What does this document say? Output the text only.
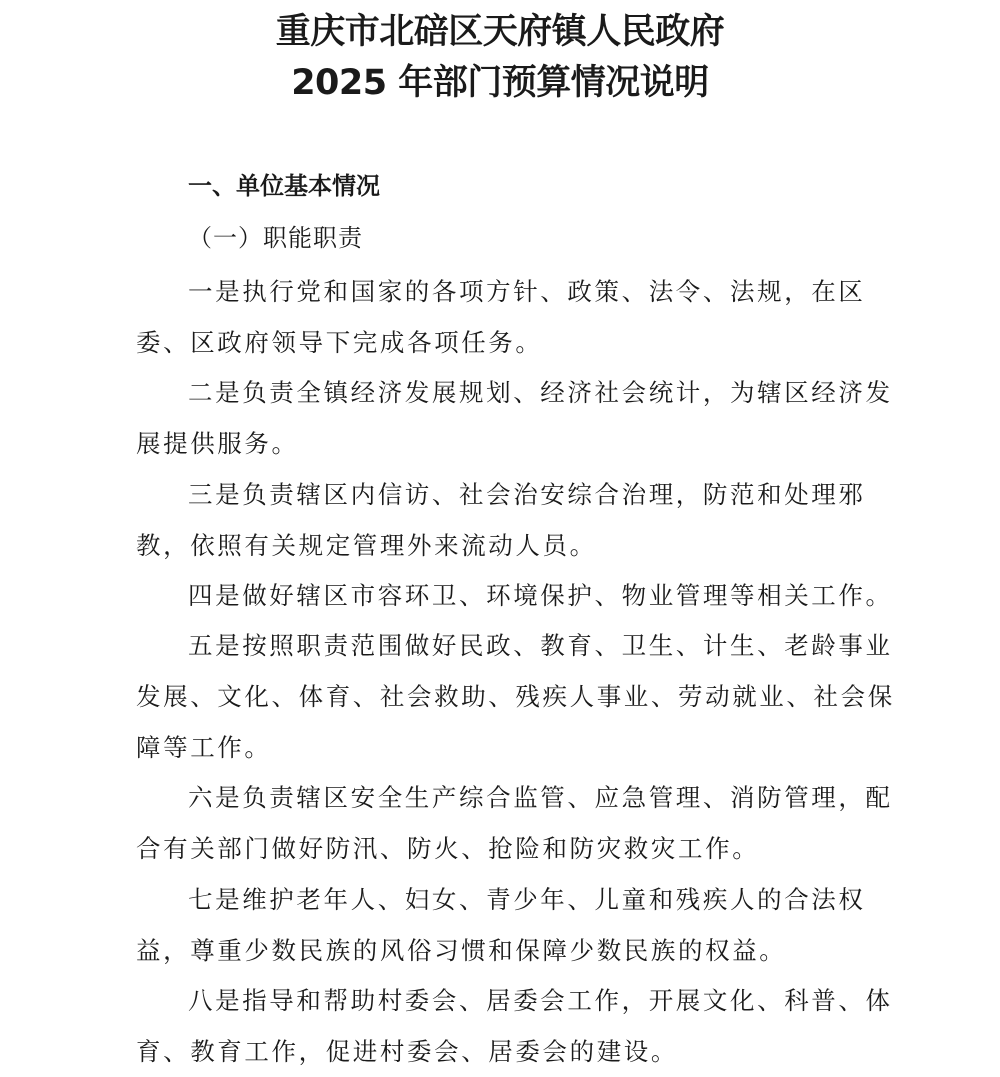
重庆市北碚区天府镇人民政府
2025 年部门预算情况说明
一、单位基本情况
（一）职能职责
一是执行党和国家的各项方针、政策、法令、法规，在区委、区政府领导下完成各项任务。
二是负责全镇经济发展规划、经济社会统计，为辖区经济发展提供服务。
三是负责辖区内信访、社会治安综合治理，防范和处理邪教，依照有关规定管理外来流动人员。
四是做好辖区市容环卫、环境保护、物业管理等相关工作。
五是按照职责范围做好民政、教育、卫生、计生、老龄事业发展、文化、体育、社会救助、残疾人事业、劳动就业、社会保障等工作。
六是负责辖区安全生产综合监管、应急管理、消防管理，配合有关部门做好防汛、防火、抢险和防灾救灾工作。
七是维护老年人、妇女、青少年、儿童和残疾人的合法权益，尊重少数民族的风俗习惯和保障少数民族的权益。
八是指导和帮助村委会、居委会工作，开展文化、科普、体育、教育工作，促进村委会、居委会的建设。
